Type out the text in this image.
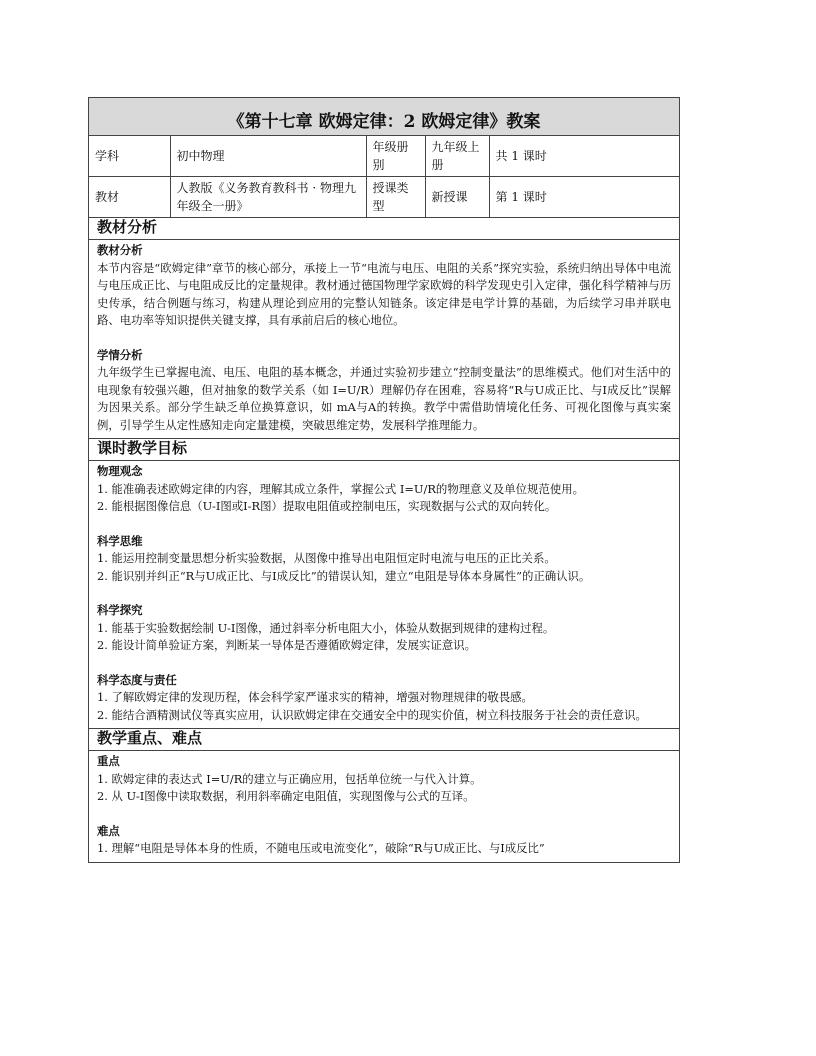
《第十七章 欧姆定律：2 欧姆定律》教案
学科	初中物理	年级册别	九年级上册	共 1 课时
教材	人教版《义务教育教科书 · 物理九年级全一册》	授课类型	新授课	第 1 课时
教材分析
教材分析
本节内容是“欧姆定律”章节的核心部分，承接上一节“电流与电压、电阻的关系”探究实验，系统归纳出导体中电流与电压成正比、与电阻成反比的定量规律。教材通过德国物理学家欧姆的科学发现史引入定律，强化科学精神与历史传承，结合例题与练习，构建从理论到应用的完整认知链条。该定律是电学计算的基础，为后续学习串并联电路、电功率等知识提供关键支撑，具有承前启后的核心地位。
学情分析
九年级学生已掌握电流、电压、电阻的基本概念，并通过实验初步建立“控制变量法”的思维模式。他们对生活中的电现象有较强兴趣，但对抽象的数学关系（如 I=U/R）理解仍存在困难，容易将“R与U成正比、与I成反比”误解为因果关系。部分学生缺乏单位换算意识，如 mA与A的转换。教学中需借助情境化任务、可视化图像与真实案例，引导学生从定性感知走向定量建模，突破思维定势，发展科学推理能力。
课时教学目标
物理观念
1. 能准确表述欧姆定律的内容，理解其成立条件，掌握公式 I=U/R的物理意义及单位规范使用。
2. 能根据图像信息（U-I图或I-R图）提取电阻值或控制电压，实现数据与公式的双向转化。
科学思维
1. 能运用控制变量思想分析实验数据，从图像中推导出电阻恒定时电流与电压的正比关系。
2. 能识别并纠正“R与U成正比、与I成反比”的错误认知，建立“电阻是导体本身属性”的正确认识。
科学探究
1. 能基于实验数据绘制 U-I图像，通过斜率分析电阻大小，体验从数据到规律的建构过程。
2. 能设计简单验证方案，判断某一导体是否遵循欧姆定律，发展实证意识。
科学态度与责任
1. 了解欧姆定律的发现历程，体会科学家严谨求实的精神，增强对物理规律的敬畏感。
2. 能结合酒精测试仪等真实应用，认识欧姆定律在交通安全中的现实价值，树立科技服务于社会的责任意识。
教学重点、难点
重点
1. 欧姆定律的表达式 I=U/R的建立与正确应用，包括单位统一与代入计算。
2. 从 U-I图像中读取数据，利用斜率确定电阻值，实现图像与公式的互译。
难点
1. 理解“电阻是导体本身的性质，不随电压或电流变化”，破除“R与U成正比、与I成反比”
